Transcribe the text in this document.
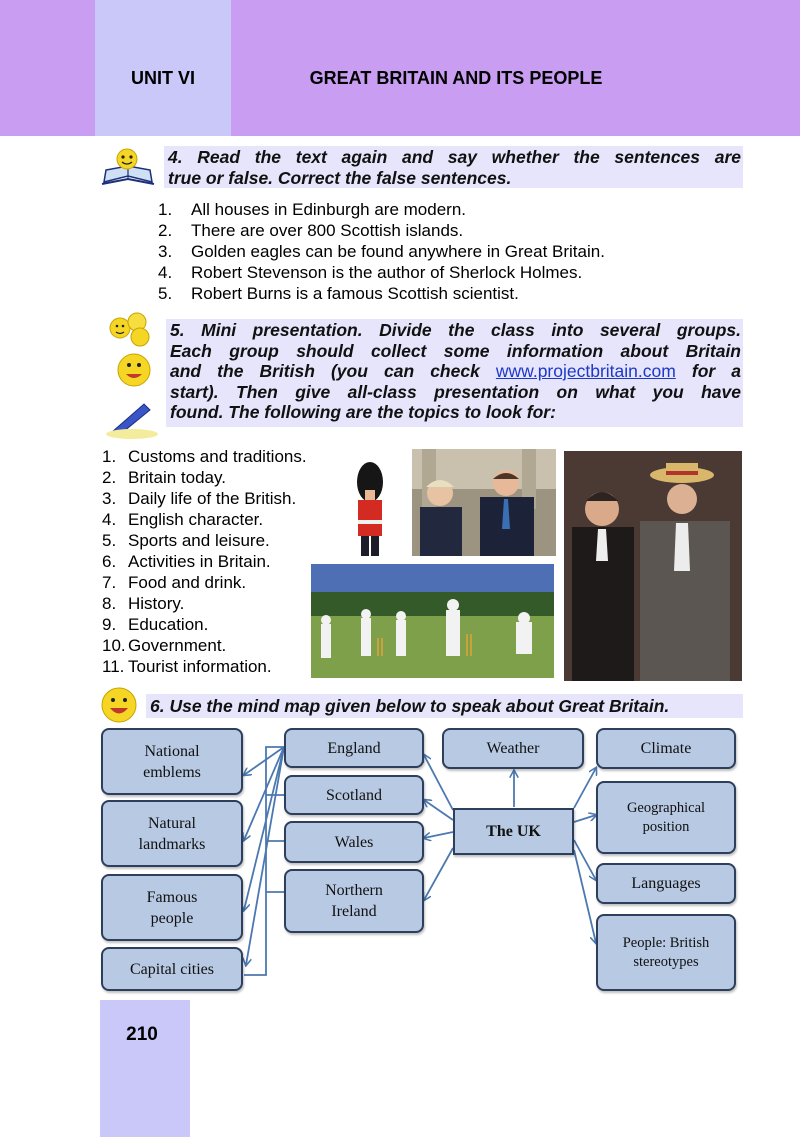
UNIT VI	GREAT BRITAIN AND ITS PEOPLE
4. Read the text again and say whether the sentences are
true or false. Correct the false sentences.
1. All houses in Edinburgh are modern.
2. There are over 800 Scottish islands.
3. Golden eagles can be found anywhere in Great Britain.
4. Robert Stevenson is the author of Sherlock Holmes.
5. Robert Burns is a famous Scottish scientist.
5. Mini presentation. Divide the class into several groups.
Each group should collect some information about Britain
and the British (you can check www.projectbritain.com for a
start). Then give all-class presentation on what you have
found. The following are the topics to look for:
1. Customs and traditions.
2. Britain today.
3. Daily life of the British.
4. English character.
5. Sports and leisure.
6. Activities in Britain.
7. Food and drink.
8. History.
9. Education.
10. Government.
11. Tourist information.
6. Use the mind map given below to speak about Great Britain.
National
emblems
Natural
landmarks
Famous
people
Capital cities
England
Scotland
Wales
Northern
Ireland
The UK
Weather	Climate
Geographical
position
Languages
People: British
stereotypes
210
